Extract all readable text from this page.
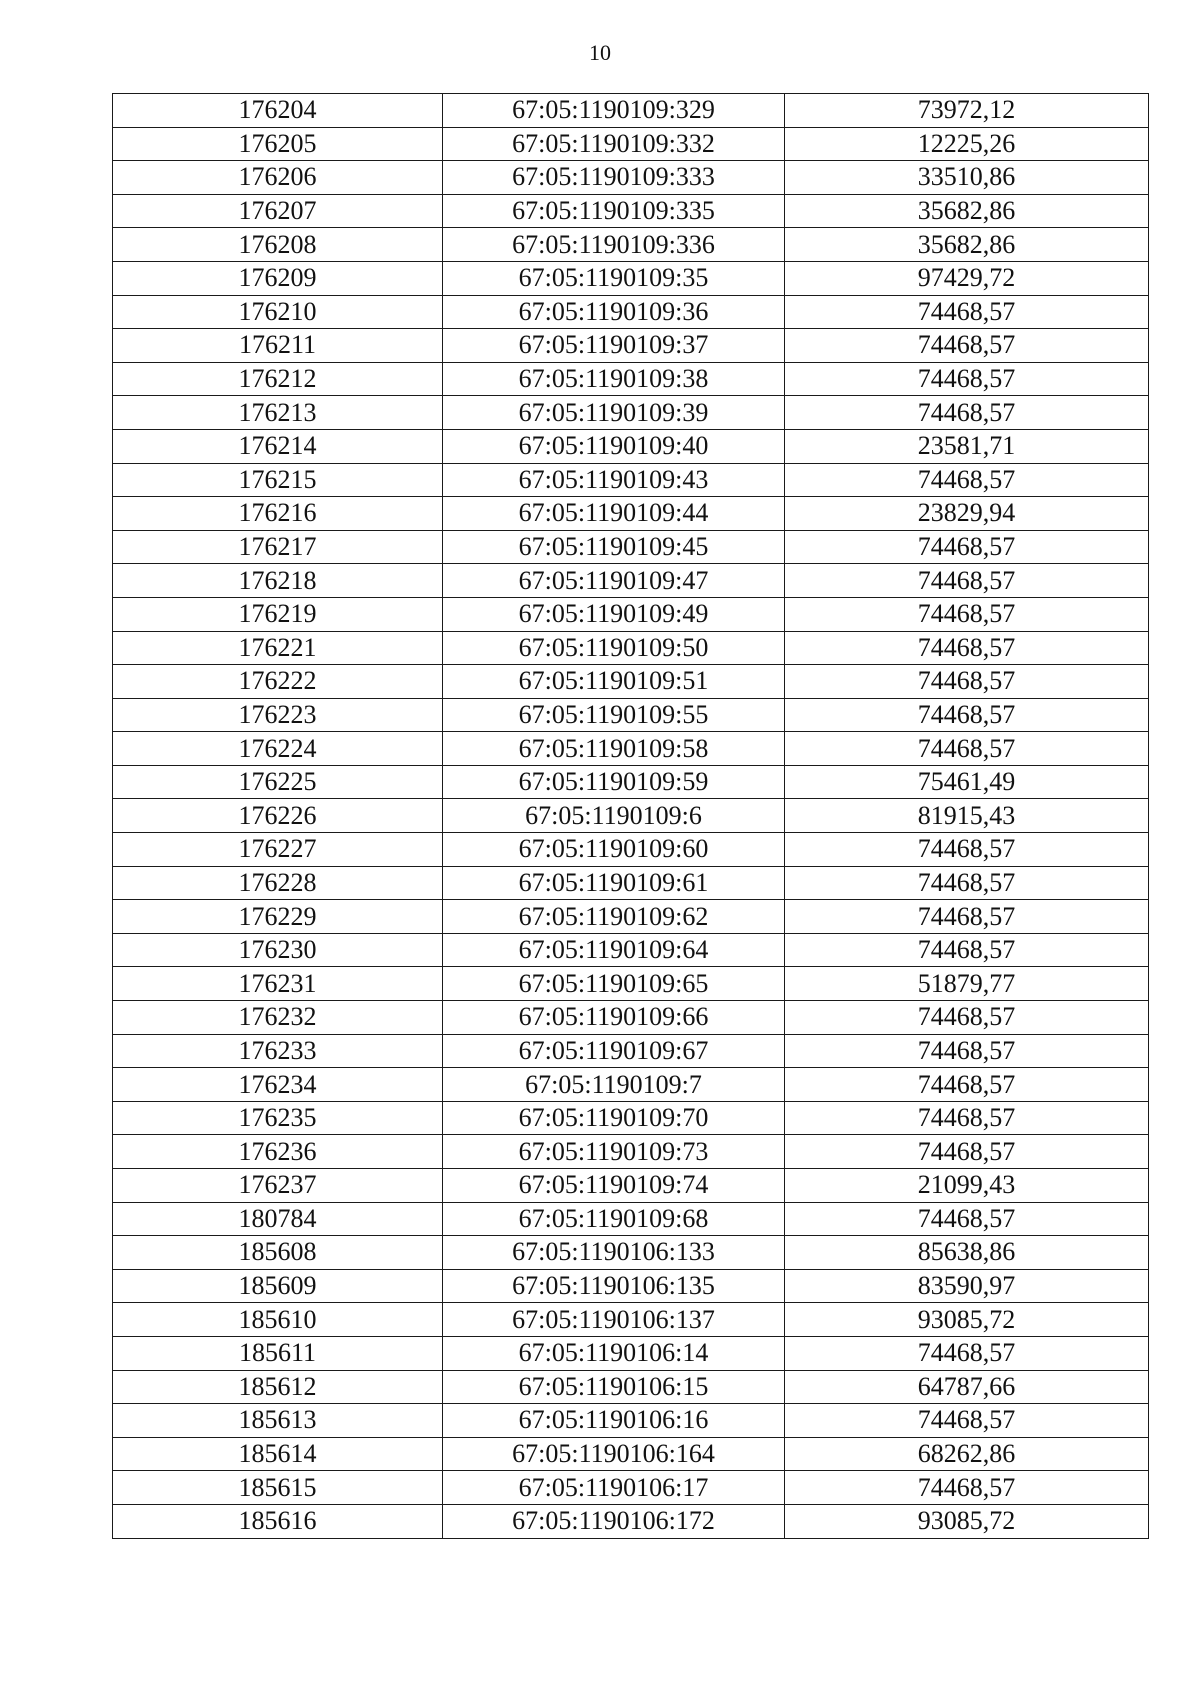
10
176204	67:05:1190109:329	73972,12
176205	67:05:1190109:332	12225,26
176206	67:05:1190109:333	33510,86
176207	67:05:1190109:335	35682,86
176208	67:05:1190109:336	35682,86
176209	67:05:1190109:35	97429,72
176210	67:05:1190109:36	74468,57
176211	67:05:1190109:37	74468,57
176212	67:05:1190109:38	74468,57
176213	67:05:1190109:39	74468,57
176214	67:05:1190109:40	23581,71
176215	67:05:1190109:43	74468,57
176216	67:05:1190109:44	23829,94
176217	67:05:1190109:45	74468,57
176218	67:05:1190109:47	74468,57
176219	67:05:1190109:49	74468,57
176221	67:05:1190109:50	74468,57
176222	67:05:1190109:51	74468,57
176223	67:05:1190109:55	74468,57
176224	67:05:1190109:58	74468,57
176225	67:05:1190109:59	75461,49
176226	67:05:1190109:6	81915,43
176227	67:05:1190109:60	74468,57
176228	67:05:1190109:61	74468,57
176229	67:05:1190109:62	74468,57
176230	67:05:1190109:64	74468,57
176231	67:05:1190109:65	51879,77
176232	67:05:1190109:66	74468,57
176233	67:05:1190109:67	74468,57
176234	67:05:1190109:7	74468,57
176235	67:05:1190109:70	74468,57
176236	67:05:1190109:73	74468,57
176237	67:05:1190109:74	21099,43
180784	67:05:1190109:68	74468,57
185608	67:05:1190106:133	85638,86
185609	67:05:1190106:135	83590,97
185610	67:05:1190106:137	93085,72
185611	67:05:1190106:14	74468,57
185612	67:05:1190106:15	64787,66
185613	67:05:1190106:16	74468,57
185614	67:05:1190106:164	68262,86
185615	67:05:1190106:17	74468,57
185616	67:05:1190106:172	93085,72
